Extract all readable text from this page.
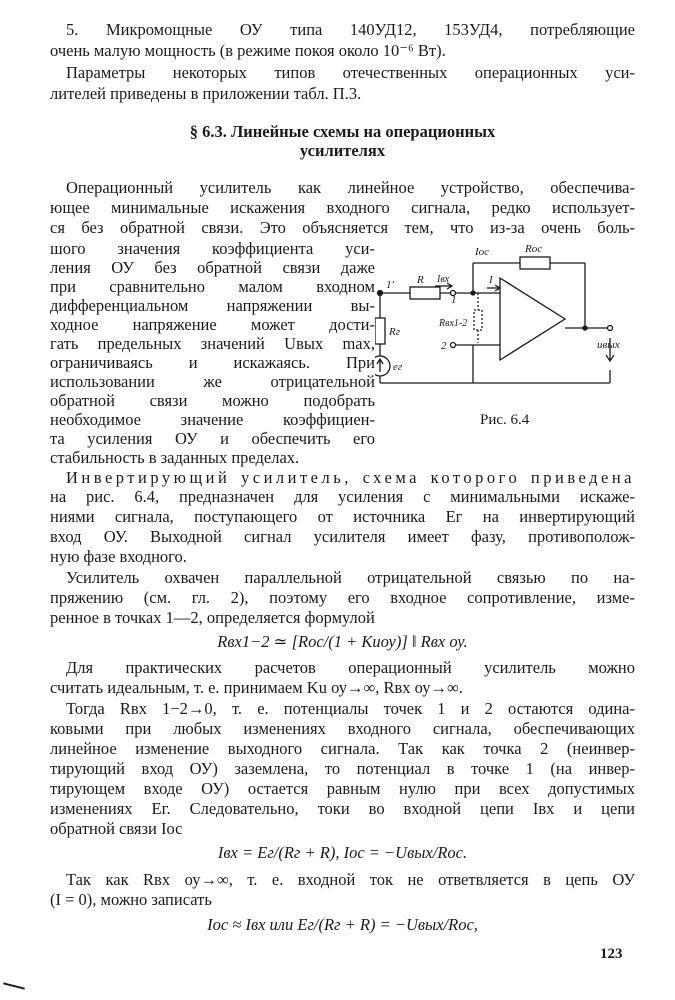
5. Микромощные ОУ типа 140УД12, 153УД4, потребляющие
очень малую мощность (в режиме покоя около 10⁻⁶ Вт).
Параметры некоторых типов отечественных операционных уси-
лителей приведены в приложении табл. П.3.
§ 6.3. Линейные схемы на операционных
усилителях
Операционный усилитель как линейное устройство, обеспечива-
ющее минимальные искажения входного сигнала, редко использует-
ся без обратной связи. Это объясняется тем, что из-за очень боль-
шого значения коэффициента уси-
ления ОУ без обратной связи даже
при сравнительно малом входном
дифференциальном напряжении вы-
ходное напряжение может дости-
гать предельных значений Uвых max,
ограничиваясь и искажаясь. При
использовании же отрицательной
обратной связи можно подобрать
необходимое значение коэффициен-
та усиления ОУ и обеспечить его
стабильность в заданных пределах.
Iос	Rос
Iвх
R
1′
1
I
Rвх1-2
Rг
2
eг
uвых
Рис. 6.4
Инвертирующий усилитель, схема которого приведена
на рис. 6.4, предназначен для усиления с минимальными искаже-
ниями сигнала, поступающего от источника Eг на инвертирующий
вход ОУ. Выходной сигнал усилителя имеет фазу, противополож-
ную фазе входного.
Усилитель охвачен параллельной отрицательной связью по на-
пряжению (см. гл. 2), поэтому его входное сопротивление, изме-
ренное в точках 1—2, определяется формулой
Rвх1−2 ≃ [Rос/(1 + Kuоу)] ‖ Rвх оу.
Для практических расчетов операционный усилитель можно
считать идеальным, т. е. принимаем Ku оу→∞, Rвх оу→∞.
Тогда Rвх 1−2→0, т. е. потенциалы точек 1 и 2 остаются одина-
ковыми при любых изменениях входного сигнала, обеспечивающих
линейное изменение выходного сигнала. Так как точка 2 (неинвер-
тирующий вход ОУ) заземлена, то потенциал в точке 1 (на инвер-
тирующем входе ОУ) остается равным нулю при всех допустимых
изменениях Eг. Следовательно, токи во входной цепи Iвх и цепи
обратной связи Iос
Iвх = Eг/(Rг + R), Iос = −Uвых/Rос.
Так как Rвх оу→∞, т. е. входной ток не ответвляется в цепь ОУ
(I = 0), можно записать
Iос ≈ Iвх или Eг/(Rг + R) = −Uвых/Rос,
123
